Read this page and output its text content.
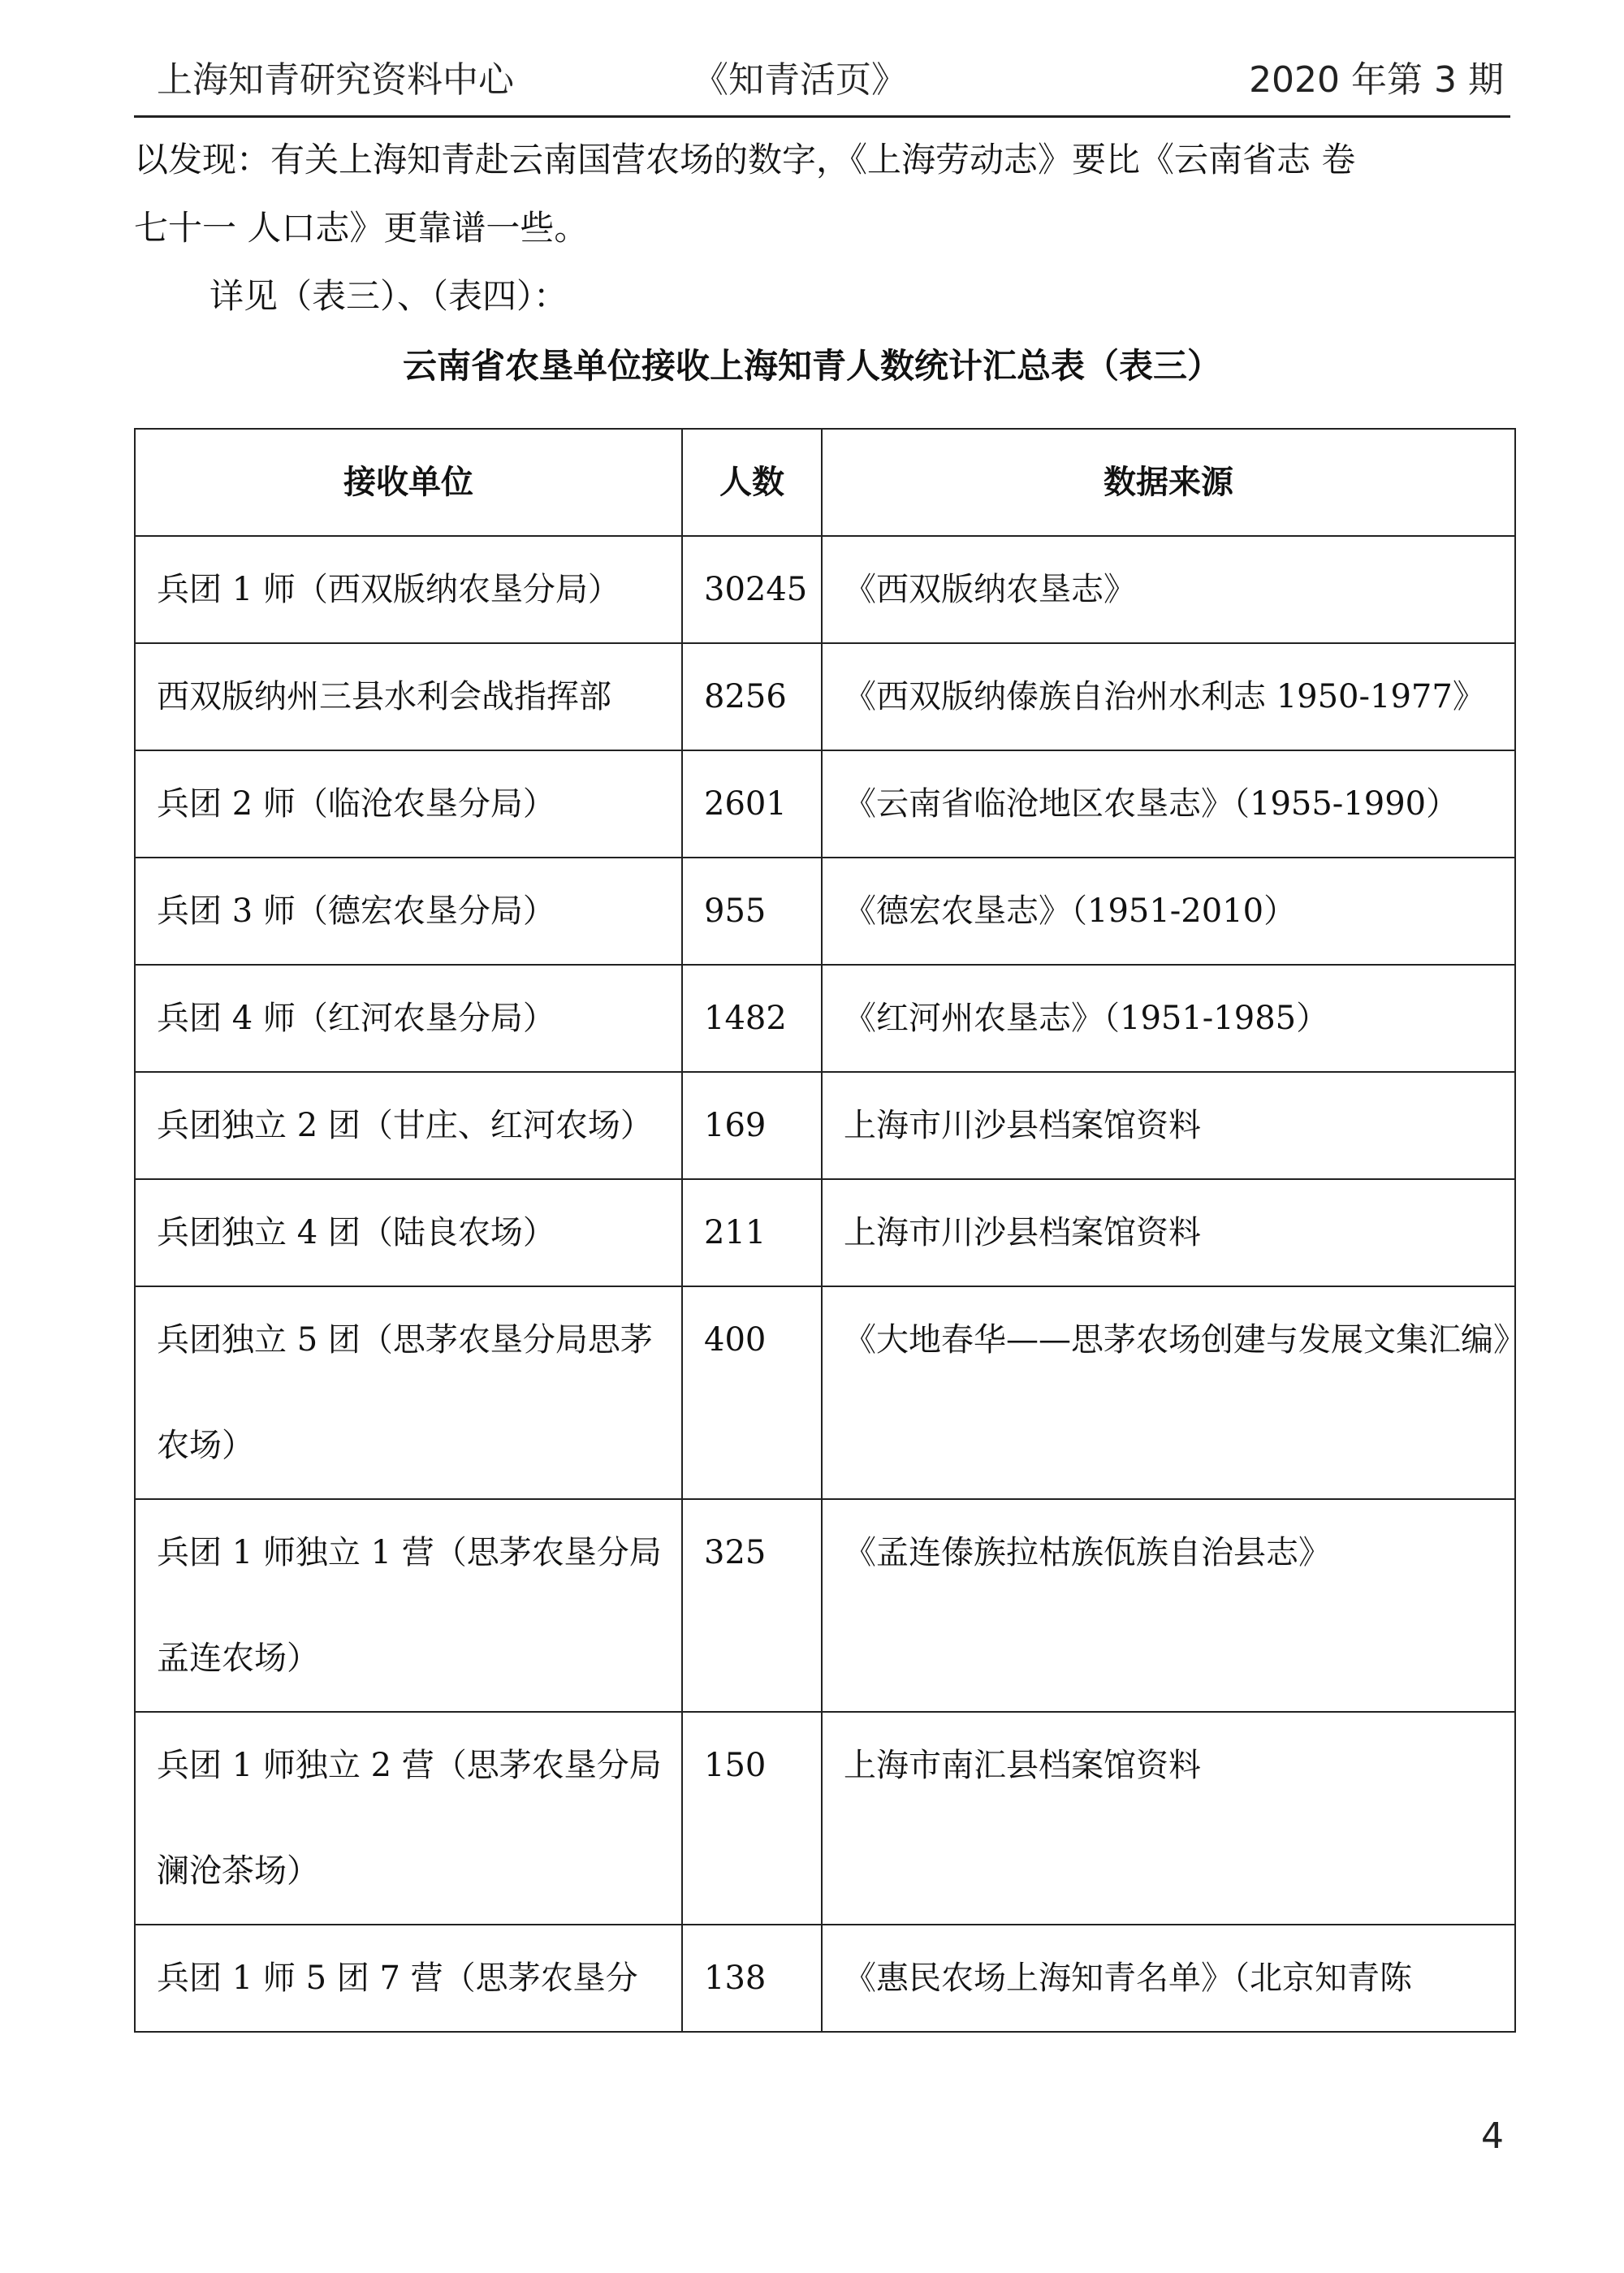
上海知青研究资料中心	《知青活页》	2020 年第 3 期
以发现：有关上海知青赴云南国营农场的数字，《上海劳动志》要比《云南省志 卷
七十一 人口志》更靠谱一些。
详见（表三）、（表四）：
云南省农垦单位接收上海知青人数统计汇总表（表三）
接收单位	人数	数据来源
兵团 1 师（西双版纳农垦分局）	30245	《西双版纳农垦志》
西双版纳州三县水利会战指挥部	8256	《西双版纳傣族自治州水利志 1950-1977》
兵团 2 师（临沧农垦分局）	2601	《云南省临沧地区农垦志》（1955-1990）
兵团 3 师（德宏农垦分局）	955	《德宏农垦志》（1951-2010）
兵团 4 师（红河农垦分局）	1482	《红河州农垦志》（1951-1985）
兵团独立 2 团（甘庄、红河农场）	169	上海市川沙县档案馆资料
兵团独立 4 团（陆良农场）	211	上海市川沙县档案馆资料
兵团独立 5 团（思茅农垦分局思茅农场）	400	《大地春华——思茅农场创建与发展文集汇编》
兵团 1 师独立 1 营（思茅农垦分局孟连农场）	325	《孟连傣族拉枯族佤族自治县志》
兵团 1 师独立 2 营（思茅农垦分局澜沧茶场）	150	上海市南汇县档案馆资料
兵团 1 师 5 团 7 营（思茅农垦分	138	《惠民农场上海知青名单》（北京知青陈
4
